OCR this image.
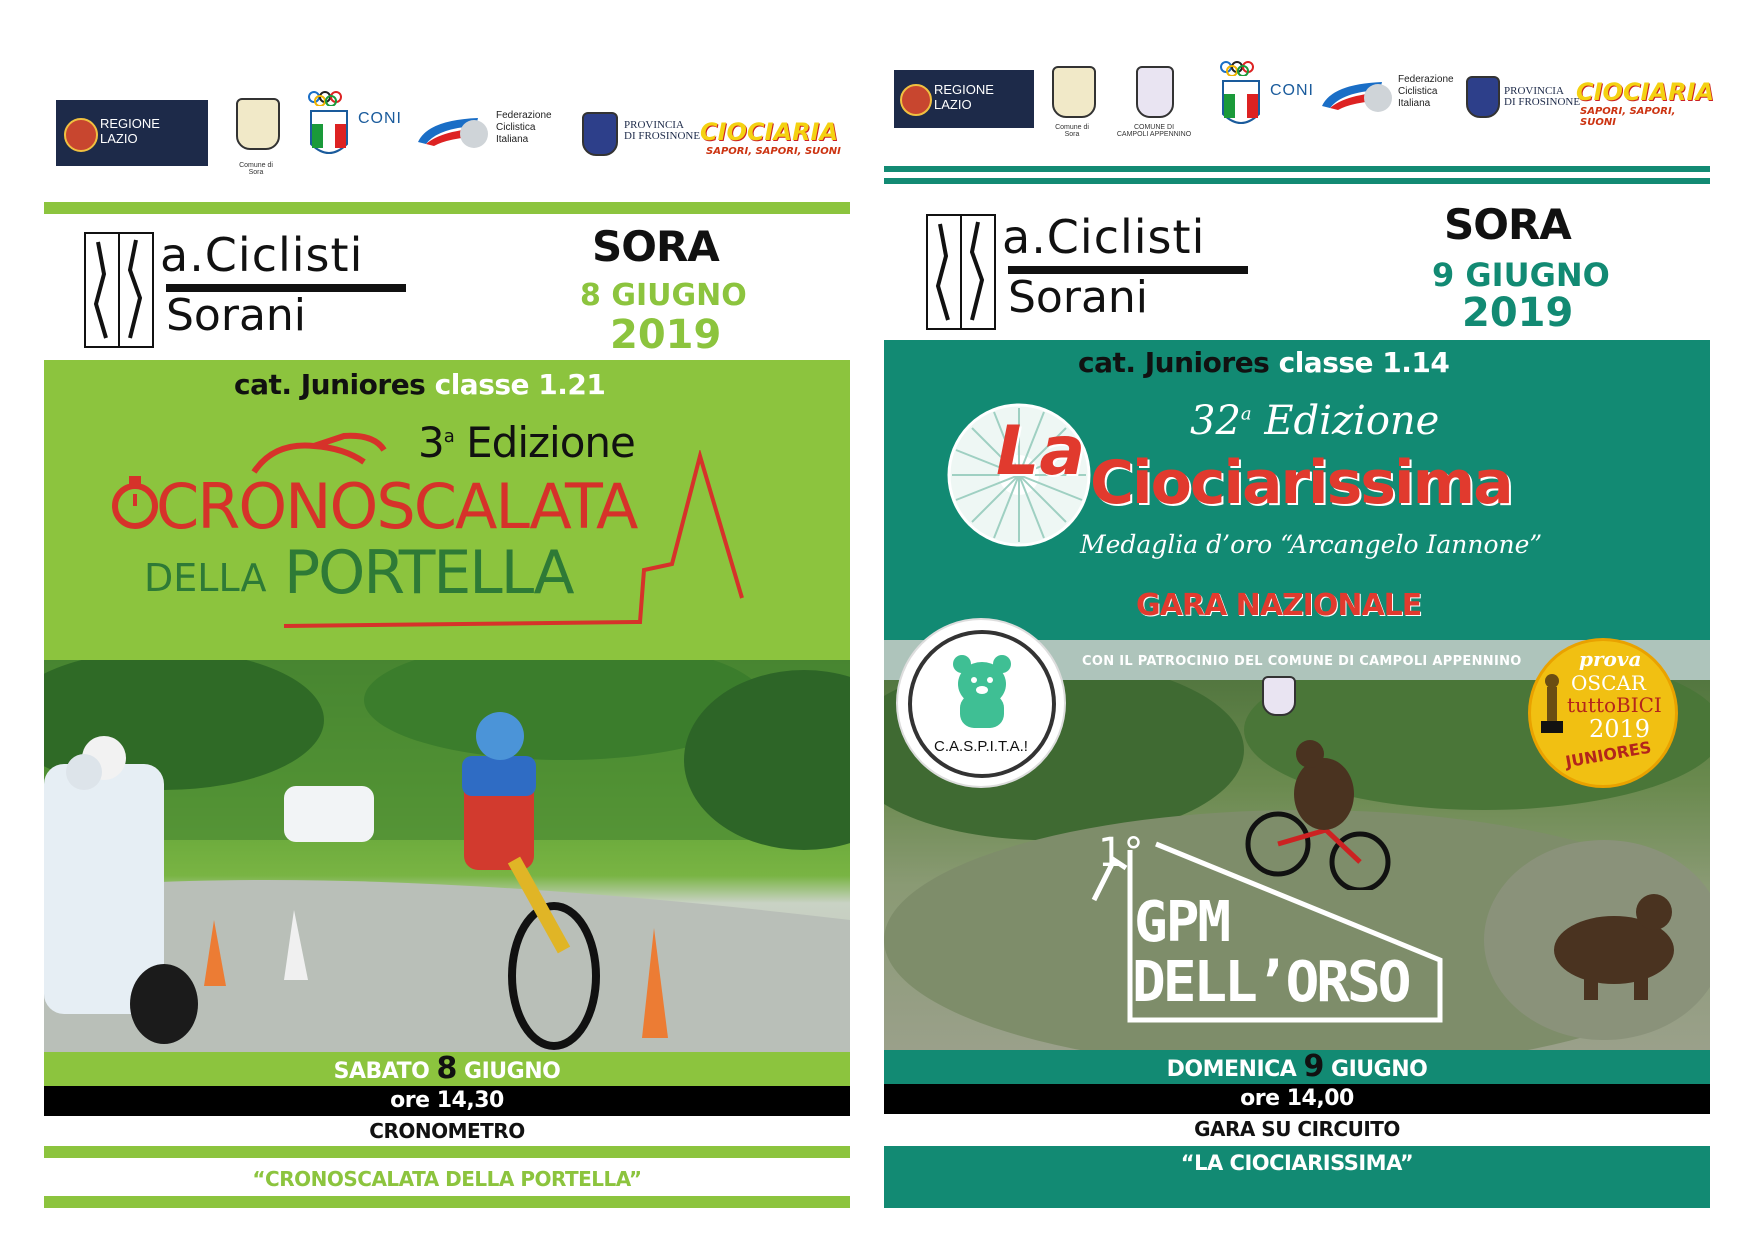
REGIONE
LAZIO
Comune di
Sora
CONI	Federazione
Ciclistica
Italiana
PROVINCIA
DI FROSINONE CIOCIARIA
SAPORI, SAPORI, SUONI
a.Ciclisti
Sorani
SORA
8 GIUGNO
2019
cat. Juniores classe 1.21
3$^a$ Edizione
CRONOSCALATA
DELLA PORTELLA
SABATO 8 GIUGNO
ore 14,30
CRONOMETRO
“CRONOSCALATA DELLA PORTELLA”
REGIONE
LAZIO
Comune di
Sora
COMUNE DI
CAMPOLI APPENNINO
CONI
Federazione
Ciclistica
Italiana
PROVINCIA
DI FROSINONE
CIOCIARIA
SAPORI, SAPORI, SUONI
a.Ciclisti
Sorani
SORA
9 GIUGNO
2019
cat. Juniores classe 1.14
32$^a$ Edizione
La Ciociarissima
Medaglia d’oro “Arcangelo Iannone”
GARA NAZIONALE
CON IL PATROCINIO DEL COMUNE DI CAMPOLI APPENNINO
C.A.S.P.I.T.A.!
prova
OSCAR
tuttoBICI
2019
JUNIORES
1°
GPM
DELL’ORSO
DOMENICA 9 GIUGNO
ore 14,00
GARA SU CIRCUITO
“LA CIOCIARISSIMA”
